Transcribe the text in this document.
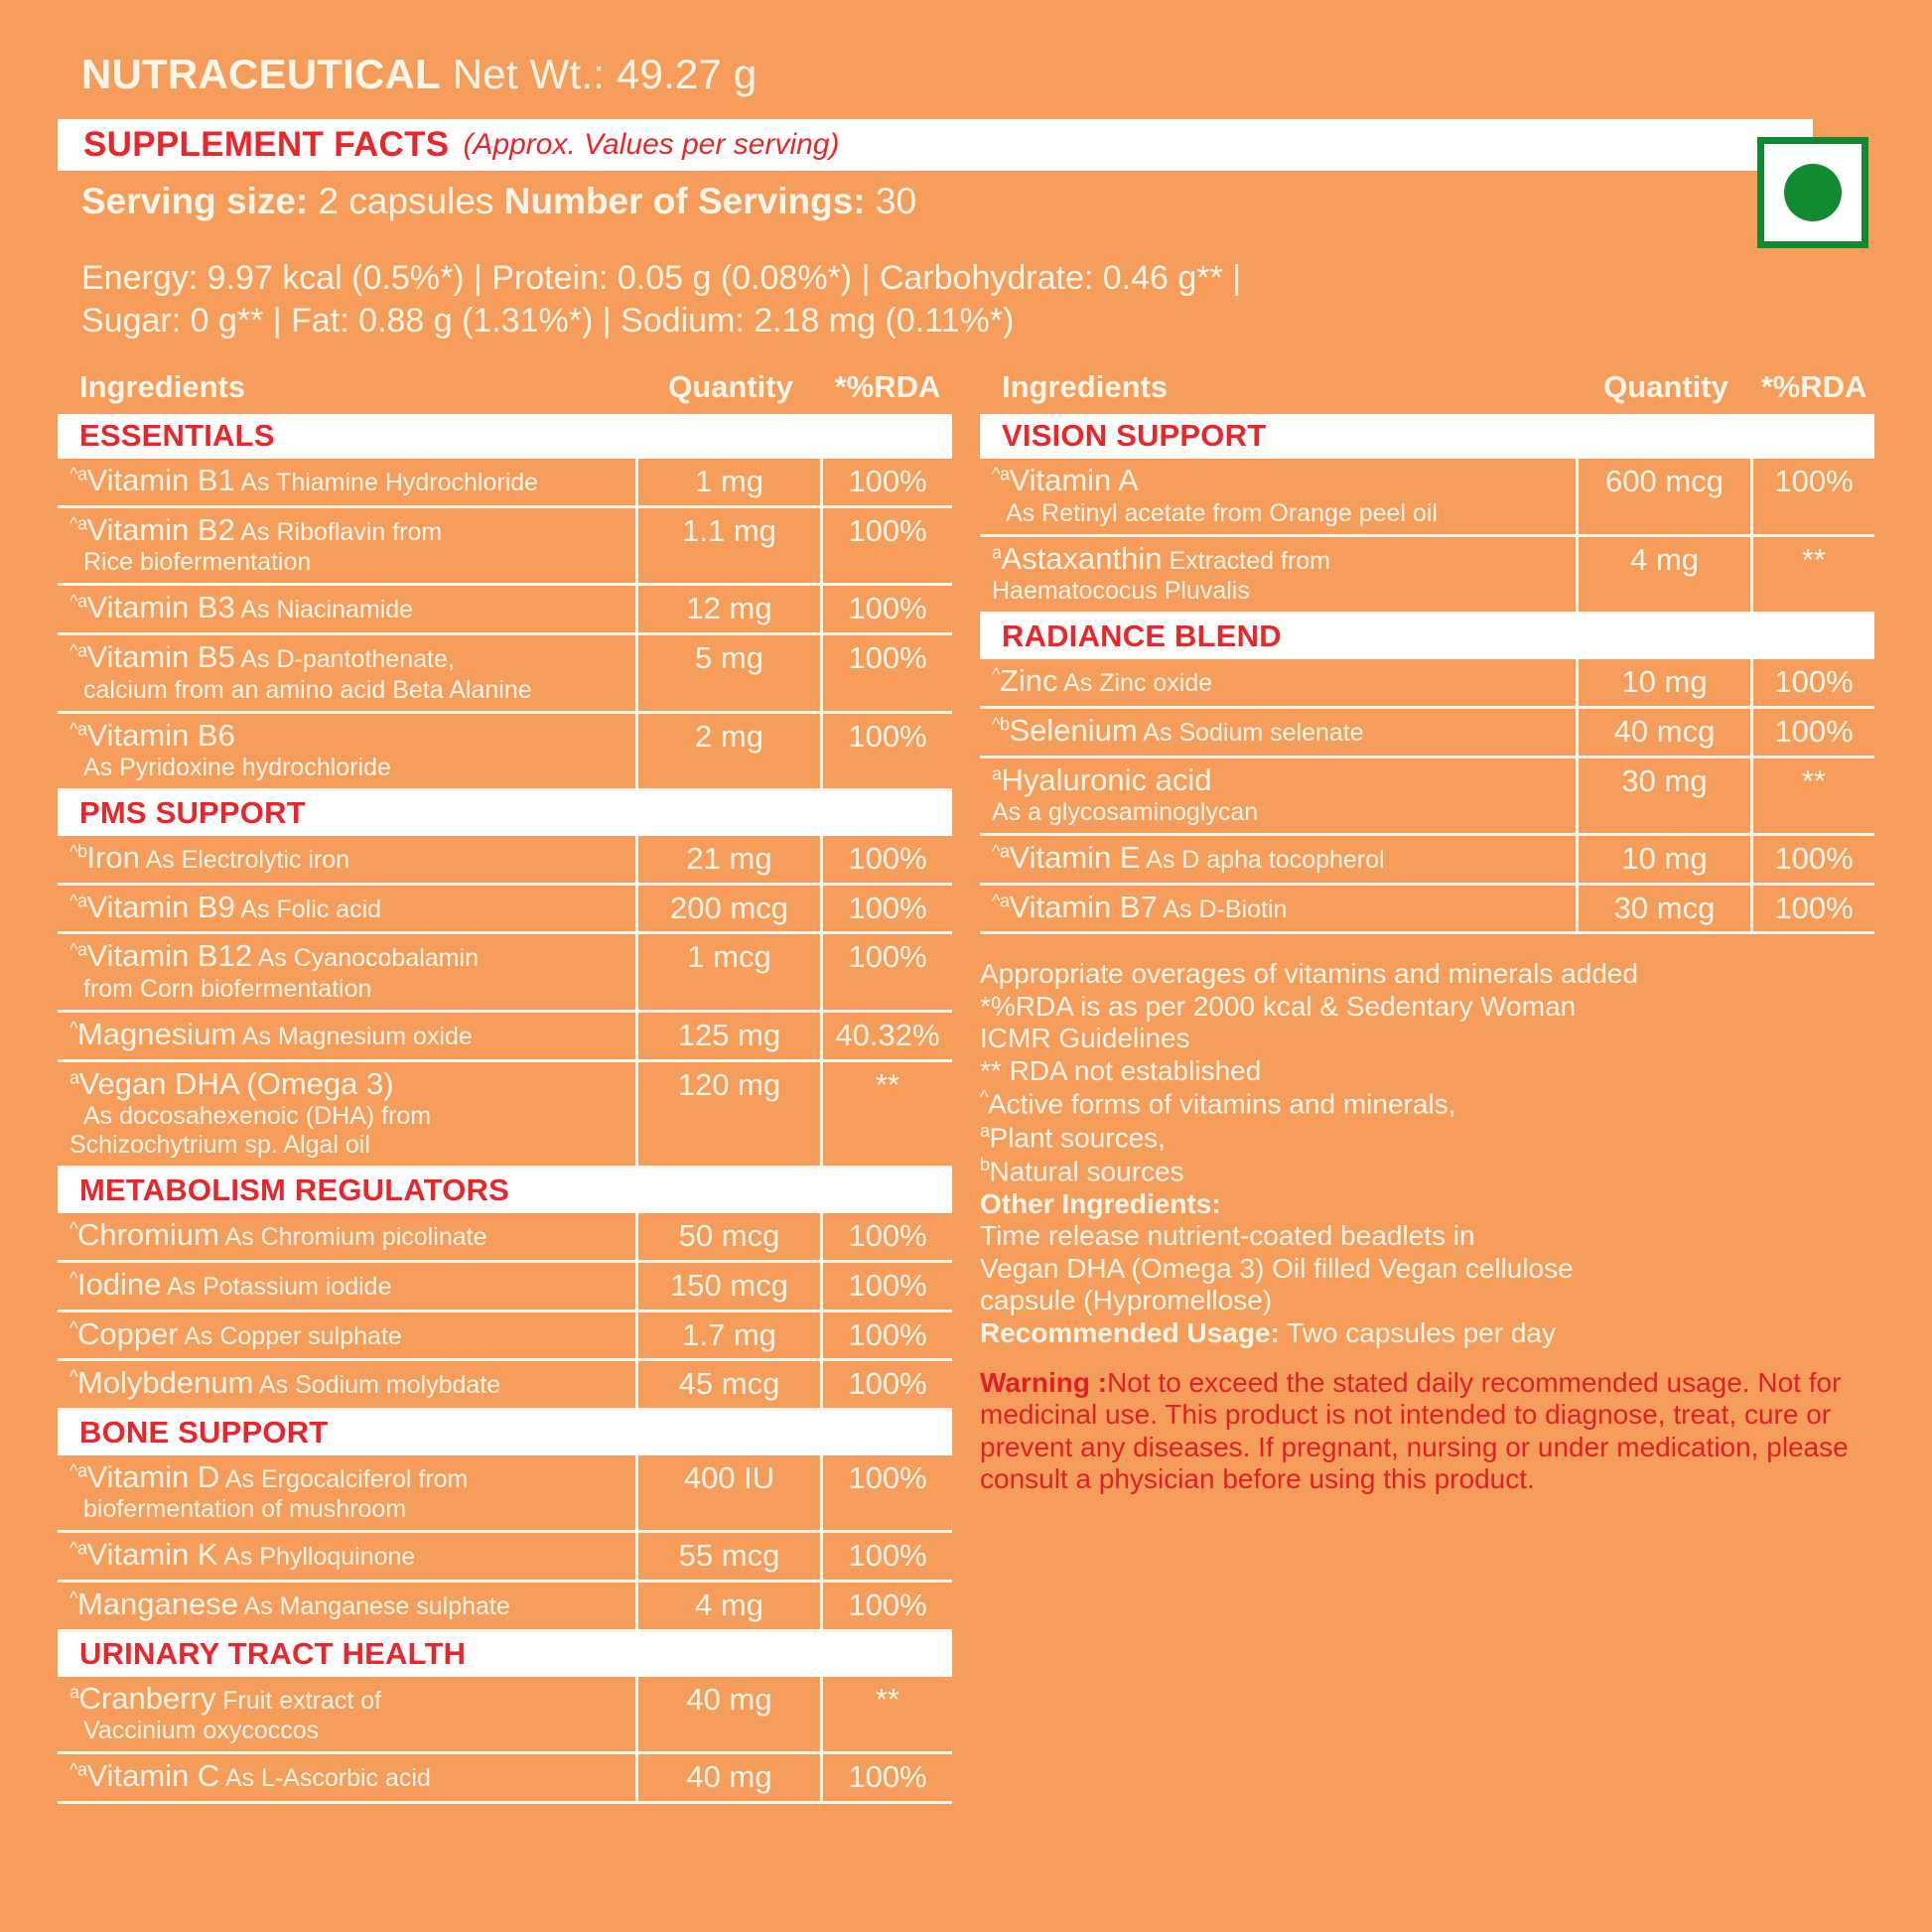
NUTRACEUTICAL Net Wt.: 49.27 g
SUPPLEMENT FACTS (Approx. Values per serving)
Serving size: 2 capsules Number of Servings: 30
Energy: 9.97 kcal (0.5%*) | Protein: 0.05 g (0.08%*) | Carbohydrate: 0.46 g** |
Sugar: 0 g** | Fat: 0.88 g (1.31%*) | Sodium: 2.18 mg (0.11%*)
Ingredients	Quantity	*%RDA
ESSENTIALS
$^{\^{}a}$Vitamin B1 As Thiamine Hydrochloride	1 mg	100%
$^{\^{}a}$Vitamin B2 As Riboflavin from
Rice biofermentation
1.1 mg	100%
$^{\^{}a}$Vitamin B3 As Niacinamide	12 mg	100%
$^{\^{}a}$Vitamin B5 As D-pantothenate,
calcium from an amino acid Beta Alanine
5 mg	100%
$^{\^{}a}$Vitamin B6
As Pyridoxine hydrochloride
2 mg	100%
PMS SUPPORT
$^{\^{}b}$Iron As Electrolytic iron	21 mg	100%
$^{\^{}a}$Vitamin B9 As Folic acid	200 mcg	100%
$^{\^{}a}$Vitamin B12 As Cyanocobalamin
from Corn biofermentation
1 mcg	100%
^Magnesium As Magnesium oxide	125 mg	40.32%
$^a$Vegan DHA (Omega 3)
As docosahexenoic (DHA) from
Schizochytrium sp. Algal oil
120 mg	**
METABOLISM REGULATORS
^Chromium As Chromium picolinate	50 mcg	100%
^Iodine As Potassium iodide	150 mcg	100%
^Copper As Copper sulphate	1.7 mg	100%
^Molybdenum As Sodium molybdate	45 mcg	100%
BONE SUPPORT
$^{\^{}a}$Vitamin D As Ergocalciferol from
biofermentation of mushroom
400 IU	100%
$^{\^{}a}$Vitamin K As Phylloquinone	55 mcg	100%
^Manganese As Manganese sulphate	4 mg	100%
URINARY TRACT HEALTH
$^a$Cranberry Fruit extract of
Vaccinium oxycoccos
40 mg	**
$^{\^{}a}$Vitamin C As L-Ascorbic acid	40 mg	100%
Ingredients	Quantity	*%RDA
VISION SUPPORT
$^{\^{}a}$Vitamin A
As Retinyl acetate from Orange peel oil
600 mcg	100%
$^a$Astaxanthin Extracted from
Haematococus Pluvalis
4 mg	**
RADIANCE BLEND
^Zinc As Zinc oxide	10 mg	100%
$^{\^{}b}$Selenium As Sodium selenate	40 mcg	100%
$^a$Hyaluronic acid
As a glycosaminoglycan
30 mg	**
$^{\^{}a}$Vitamin E As D apha tocopherol	10 mg	100%
$^{\^{}a}$Vitamin B7 As D-Biotin	30 mcg	100%
Appropriate overages of vitamins and minerals added
*%RDA is as per 2000 kcal & Sedentary Woman
ICMR Guidelines
** RDA not established
^Active forms of vitamins and minerals,
$^a$Plant sources,
$^b$Natural sources
Other Ingredients:
Time release nutrient-coated beadlets in
Vegan DHA (Omega 3) Oil filled Vegan cellulose
capsule (Hypromellose)
Recommended Usage: Two capsules per day
Warning :Not to exceed the stated daily recommended usage. Not for medicinal use. This product is not intended to diagnose, treat, cure or prevent any diseases. If pregnant, nursing or under medication, please consult a physician before using this product.
